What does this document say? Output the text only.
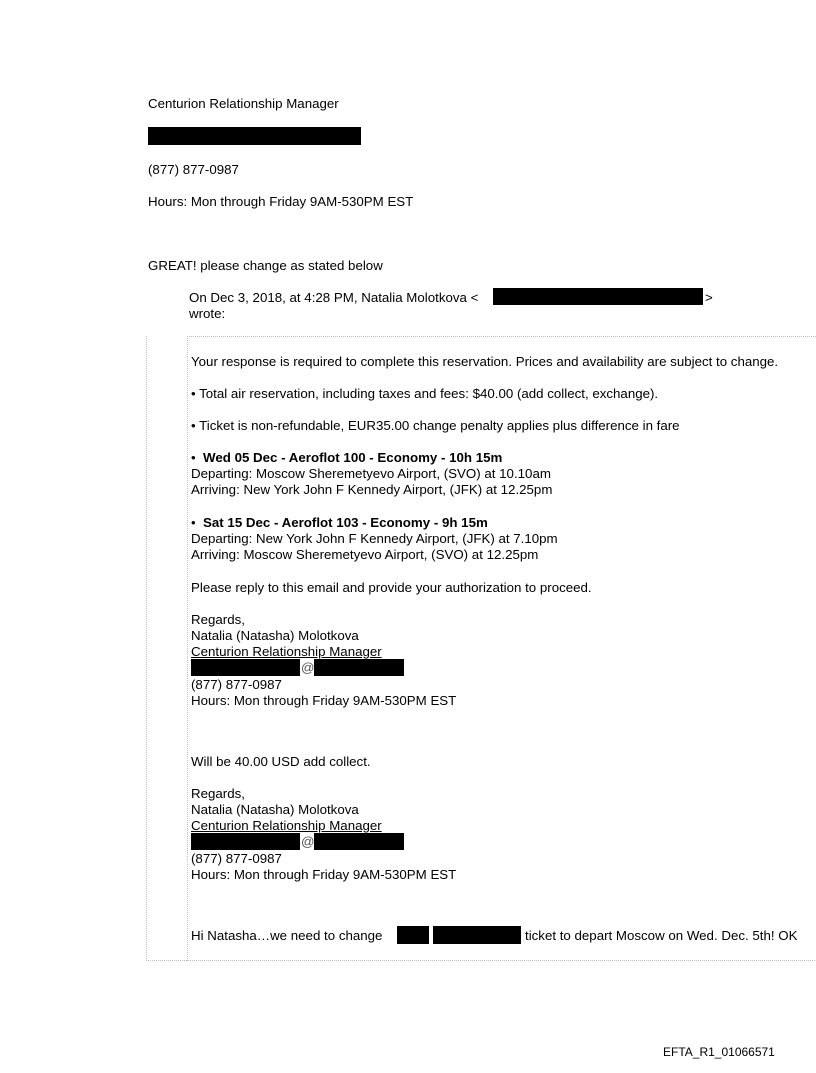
Centurion Relationship Manager
(877) 877-0987
Hours: Mon through Friday 9AM-530PM EST
GREAT! please change as stated below
On Dec 3, 2018, at 4:28 PM, Natalia Molotkova <	>
wrote:
Your response is required to complete this reservation. Prices and availability are subject to change.
• Total air reservation, including taxes and fees: $40.00 (add collect, exchange).
• Ticket is non-refundable, EUR35.00 change penalty applies plus difference in fare
• Wed 05 Dec - Aeroflot 100 - Economy - 10h 15m
Departing: Moscow Sheremetyevo Airport, (SVO) at 10.10am
Arriving: New York John F Kennedy Airport, (JFK) at 12.25pm
• Sat 15 Dec - Aeroflot 103 - Economy - 9h 15m
Departing: New York John F Kennedy Airport, (JFK) at 7.10pm
Arriving: Moscow Sheremetyevo Airport, (SVO) at 12.25pm
Please reply to this email and provide your authorization to proceed.
Regards,
Natalia (Natasha) Molotkova
Centurion Relationship Manager
@
(877) 877-0987
Hours: Mon through Friday 9AM-530PM EST
Will be 40.00 USD add collect.
Regards,
Natalia (Natasha) Molotkova
Centurion Relationship Manager
@
(877) 877-0987
Hours: Mon through Friday 9AM-530PM EST
Hi Natasha…we need to change	ticket to depart Moscow on Wed. Dec. 5th! OK
EFTA_R1_01066571
